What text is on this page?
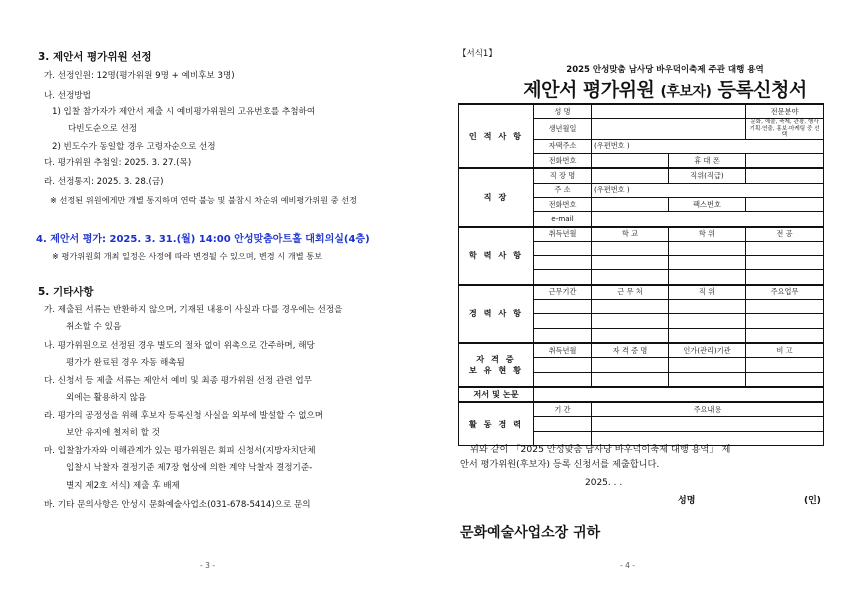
3. 제안서 평가위원 선정
가. 선정인원: 12명(평가위원 9명 + 예비후보 3명)
나. 선정방법
1) 입찰 참가자가 제안서 제출 시 예비평가위원의 고유번호를 추첨하여
다빈도순으로 선정
2) 빈도수가 동일할 경우 고령자순으로 선정
다. 평가위원 추첨일: 2025. 3. 27.(목)
라. 선정통지: 2025. 3. 28.(금)
※ 선정된 위원에게만 개별 통지하며 연락 불능 및 불참시 차순위 예비평가위원 중 선정
4. 제안서 평가: 2025. 3. 31.(월) 14:00 안성맞춤아트홀 대회의실(4층)
※ 평가위원회 개최 일정은 사정에 따라 변경될 수 있으며, 변경 시 개별 통보
5. 기타사항
가. 제출된 서류는 반환하지 않으며, 기재된 내용이 사실과 다를 경우에는 선정을
취소할 수 있음
나. 평가위원으로 선정된 경우 별도의 절차 없이 위촉으로 간주하며, 해당
평가가 완료된 경우 자동 해촉됨
다. 신청서 등 제출 서류는 제안서 예비 및 최종 평가위원 선정 관련 업무
외에는 활용하지 않음
라. 평가의 공정성을 위해 후보자 등록신청 사실을 외부에 발설할 수 없으며
보안 유지에 철저히 할 것
마. 입찰참가자와 이해관계가 있는 평가위원은 회피 신청서(지방자치단체
입찰시 낙찰자 결정기준 제7장 협상에 의한 계약 낙찰자 결정기준-
별지 제2호 서식) 제출 후 배제
바. 기타 문의사항은 안성시 문화예술사업소(031-678-5414)으로 문의
- 3 -
【서식1】
2025 안성맞춤 남사당 바우덕이축제 주관 대행 용역
제안서 평가위원 (후보자) 등록신청서
인 적 사 항	성 명			전문분야
	생년월일			문화, 예술, 축제, 관광, 행사기획·연출, 홍보·마케팅 중 선택
	자택주소	(우편번호 )		
	전화번호		휴 대 폰	
직 장	직 장 명		직위(직급)	
	주 소	(우편번호 )		
	전화번호		팩스번호	
	e-mail			
학 력 사 항	취득년월	학 교	학 위	전 공

경 력 사 항	근무기간	근 무 처	직 위	주요업무

자 격 증
보 유 현 황	취득년월	자 격 증 명	인가(관리)기관	비 고

저서 및 논문				
활 동 경 력	기 간	주요내용		

위와 같이 「2025 안성맞춤 남사당 바우덕이축제 대행 용역」 제
안서 평가위원(후보자) 등록 신청서를 제출합니다.
2025. . .
성명	(인)
문화예술사업소장 귀하
- 4 -
